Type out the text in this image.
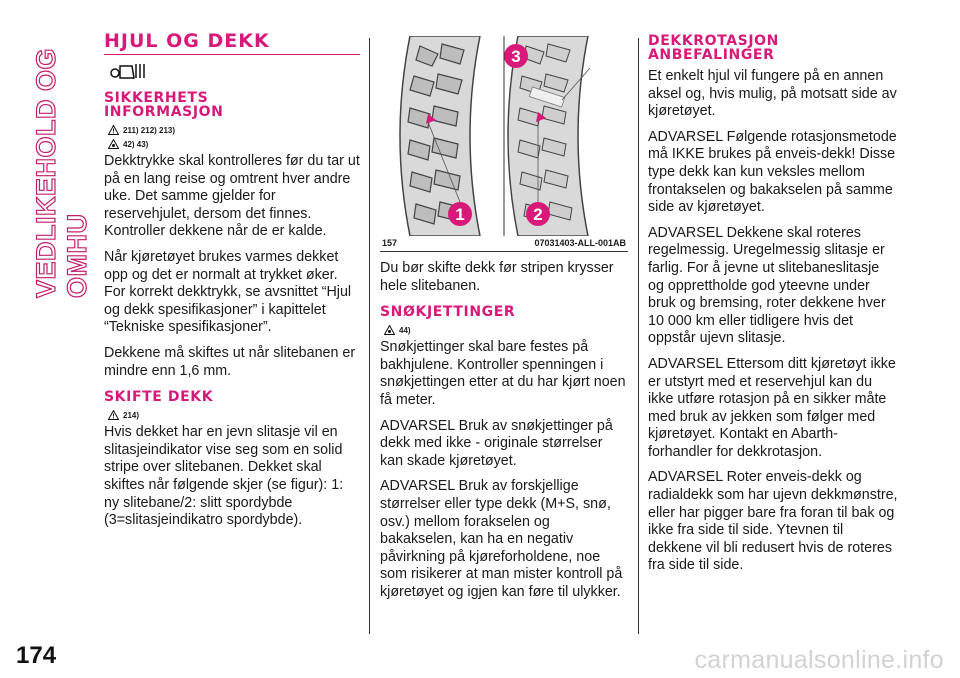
VEDLIKEHOLD OG OMHU
HJUL OG DEKK
SIKKERHETS
INFORMASJON
211) 212) 213)
42) 43)

Dekktrykke skal kontrolleres før du tar ut på en lang reise og omtrent hver andre uke. Det samme gjelder for reservehjulet, dersom det finnes. Kontroller dekkene når de er kalde.

Når kjøretøyet brukes varmes dekket opp og det er normalt at trykket øker. For korrekt dekktrykk, se avsnittet “Hjul og dekk spesifikasjoner” i kapittelet “Tekniske spesifikasjoner”.

Dekkene må skiftes ut når slitebanen er mindre enn 1,6 mm.

SKIFTE DEKK
214)

Hvis dekket har en jevn slitasje vil en slitasjeindikator vise seg som en solid stripe over slitebanen. Dekket skal skiftes når følgende skjer (se figur): 1: ny slitebane/2: slitt spordybde (3=slitasjeindikatro spordybde).

1	2
3
157	07031403-ALL-001AB

Du bør skifte dekk før stripen krysser hele slitebanen.

SNØKJETTINGER
44)

Snøkjettinger skal bare festes på bakhjulene. Kontroller spenningen i snøkjettingen etter at du har kjørt noen få meter.

ADVARSEL Bruk av snøkjettinger på dekk med ikke - originale størrelser kan skade kjøretøyet.

ADVARSEL Bruk av forskjellige størrelser eller type dekk (M+S, snø, osv.) mellom forakselen og bakakselen, kan ha en negativ påvirkning på kjøreforholdene, noe som risikerer at man mister kontroll på kjøretøyet og igjen kan føre til ulykker.

DEKKROTASJON
ANBEFALINGER

Et enkelt hjul vil fungere på en annen aksel og, hvis mulig, på motsatt side av kjøretøyet.

ADVARSEL Følgende rotasjonsmetode må IKKE brukes på enveis-dekk! Disse type dekk kan kun veksles mellom frontakselen og bakakselen på samme side av kjøretøyet.

ADVARSEL Dekkene skal roteres regelmessig. Uregelmessig slitasje er farlig. For å jevne ut slitebaneslitasje og opprettholde god yteevne under bruk og bremsing, roter dekkene hver 10 000 km eller tidligere hvis det oppstår ujevn slitasje.

ADVARSEL Ettersom ditt kjøretøyt ikke er utstyrt med et reservehjul kan du ikke utføre rotasjon på en sikker måte med bruk av jekken som følger med kjøretøyet. Kontakt en Abarth-forhandler for dekkrotasjon.

ADVARSEL Roter enveis-dekk og radialdekk som har ujevn dekkmønstre, eller har pigger bare fra foran til bak og ikke fra side til side. Ytevnen til dekkene vil bli redusert hvis de roteres fra side til side.

174	carmanualsonline.info
